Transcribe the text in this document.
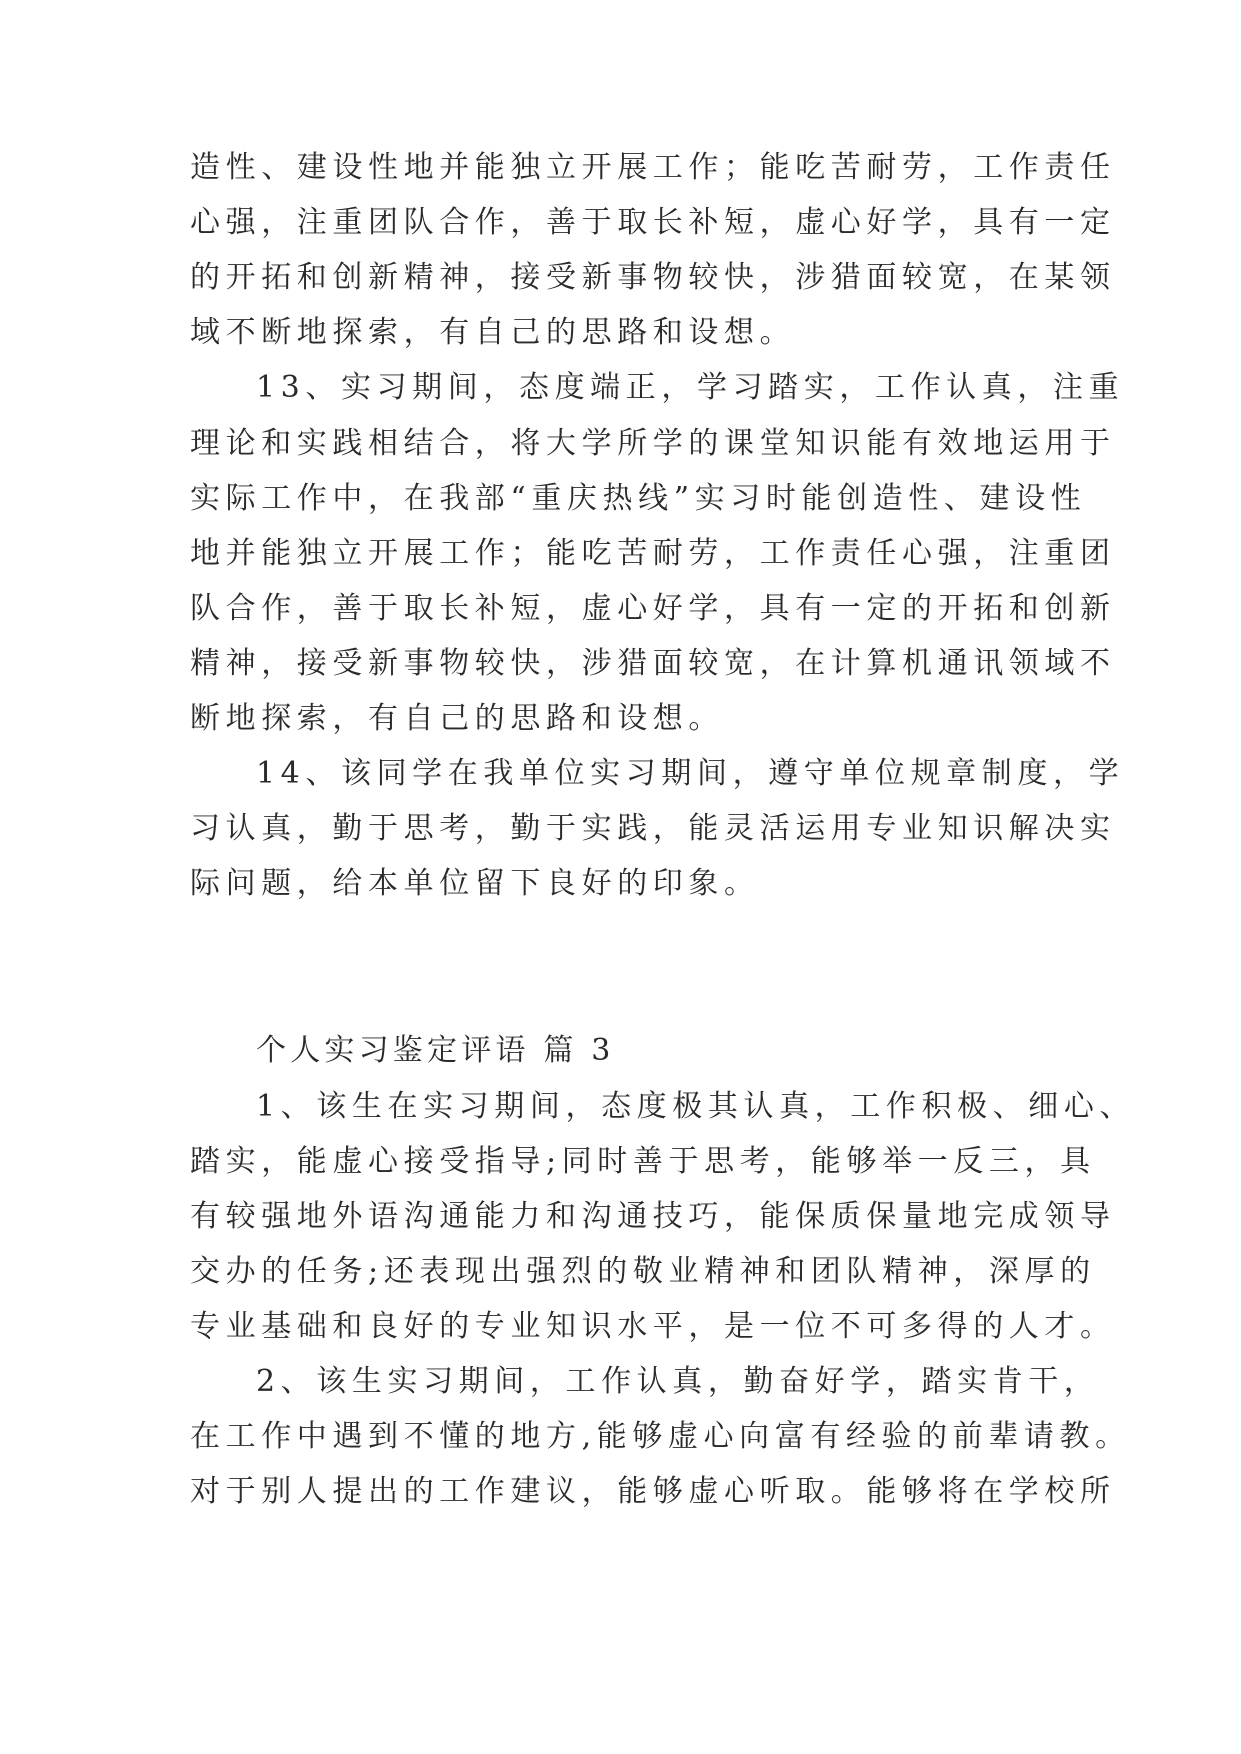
造性、建设性地并能独立开展工作；能吃苦耐劳，工作责任
心强，注重团队合作，善于取长补短，虚心好学，具有一定
的开拓和创新精神，接受新事物较快，涉猎面较宽，在某领
域不断地探索，有自己的思路和设想。
13、实习期间，态度端正，学习踏实，工作认真，注重
理论和实践相结合，将大学所学的课堂知识能有效地运用于
实际工作中，在我部“重庆热线”实习时能创造性、建设性
地并能独立开展工作；能吃苦耐劳，工作责任心强，注重团
队合作，善于取长补短，虚心好学，具有一定的开拓和创新
精神，接受新事物较快，涉猎面较宽，在计算机通讯领域不
断地探索，有自己的思路和设想。
14、该同学在我单位实习期间，遵守单位规章制度，学
习认真，勤于思考，勤于实践，能灵活运用专业知识解决实
际问题，给本单位留下良好的印象。
个人实习鉴定评语 篇 3
1、该生在实习期间，态度极其认真，工作积极、细心、
踏实，能虚心接受指导;同时善于思考，能够举一反三，具
有较强地外语沟通能力和沟通技巧，能保质保量地完成领导
交办的任务;还表现出强烈的敬业精神和团队精神，深厚的
专业基础和良好的专业知识水平，是一位不可多得的人才。
2、该生实习期间，工作认真，勤奋好学，踏实肯干，
在工作中遇到不懂的地方,能够虚心向富有经验的前辈请教。
对于别人提出的工作建议，能够虚心听取。能够将在学校所
